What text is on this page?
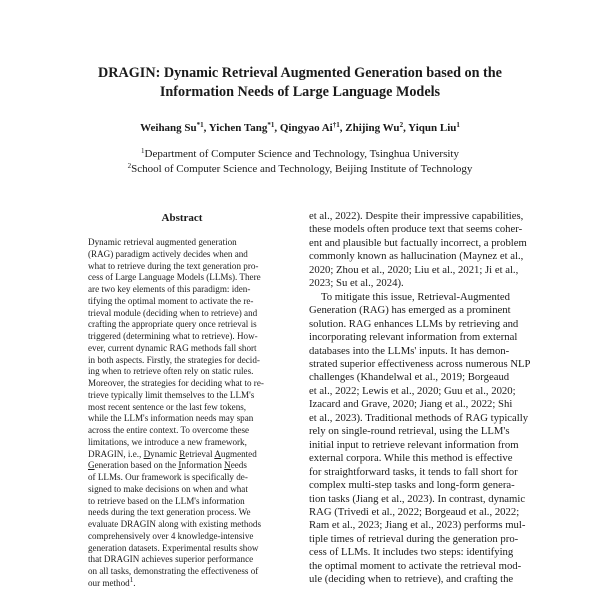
DRAGIN: Dynamic Retrieval Augmented Generation based on the
Information Needs of Large Language Models
Weihang Su$^{*1}$, Yichen Tang$^{*1}$, Qingyao Ai$^{\dagger 1}$, Zhijing Wu$^2$, Yiqun Liu$^1$
$^1$Department of Computer Science and Technology, Tsinghua University
$^2$School of Computer Science and Technology, Beijing Institute of Technology
Abstract
Dynamic retrieval augmented generation
(RAG) paradigm actively decides when and
what to retrieve during the text generation pro-
cess of Large Language Models (LLMs). There
are two key elements of this paradigm: iden-
tifying the optimal moment to activate the re-
trieval module (deciding when to retrieve) and
crafting the appropriate query once retrieval is
triggered (determining what to retrieve). How-
ever, current dynamic RAG methods fall short
in both aspects. Firstly, the strategies for decid-
ing when to retrieve often rely on static rules.
Moreover, the strategies for deciding what to re-
trieve typically limit themselves to the LLM's
most recent sentence or the last few tokens,
while the LLM's information needs may span
across the entire context. To overcome these
limitations, we introduce a new framework,
DRAGIN, i.e., Dynamic Retrieval Augmented
Generation based on the Information Needs
of LLMs. Our framework is specifically de-
signed to make decisions on when and what
to retrieve based on the LLM's information
needs during the text generation process. We
evaluate DRAGIN along with existing methods
comprehensively over 4 knowledge-intensive
generation datasets. Experimental results show
that DRAGIN achieves superior performance
on all tasks, demonstrating the effectiveness of
our method$^1$.
et al., 2022). Despite their impressive capabilities,
these models often produce text that seems coher-
ent and plausible but factually incorrect, a problem
commonly known as hallucination (Maynez et al.,
2020; Zhou et al., 2020; Liu et al., 2021; Ji et al.,
2023; Su et al., 2024).
To mitigate this issue, Retrieval-Augmented
Generation (RAG) has emerged as a prominent
solution. RAG enhances LLMs by retrieving and
incorporating relevant information from external
databases into the LLMs' inputs. It has demon-
strated superior effectiveness across numerous NLP
challenges (Khandelwal et al., 2019; Borgeaud
et al., 2022; Lewis et al., 2020; Guu et al., 2020;
Izacard and Grave, 2020; Jiang et al., 2022; Shi
et al., 2023). Traditional methods of RAG typically
rely on single-round retrieval, using the LLM's
initial input to retrieve relevant information from
external corpora. While this method is effective
for straightforward tasks, it tends to fall short for
complex multi-step tasks and long-form genera-
tion tasks (Jiang et al., 2023). In contrast, dynamic
RAG (Trivedi et al., 2022; Borgeaud et al., 2022;
Ram et al., 2023; Jiang et al., 2023) performs mul-
tiple times of retrieval during the generation pro-
cess of LLMs. It includes two steps: identifying
the optimal moment to activate the retrieval mod-
ule (deciding when to retrieve), and crafting the
